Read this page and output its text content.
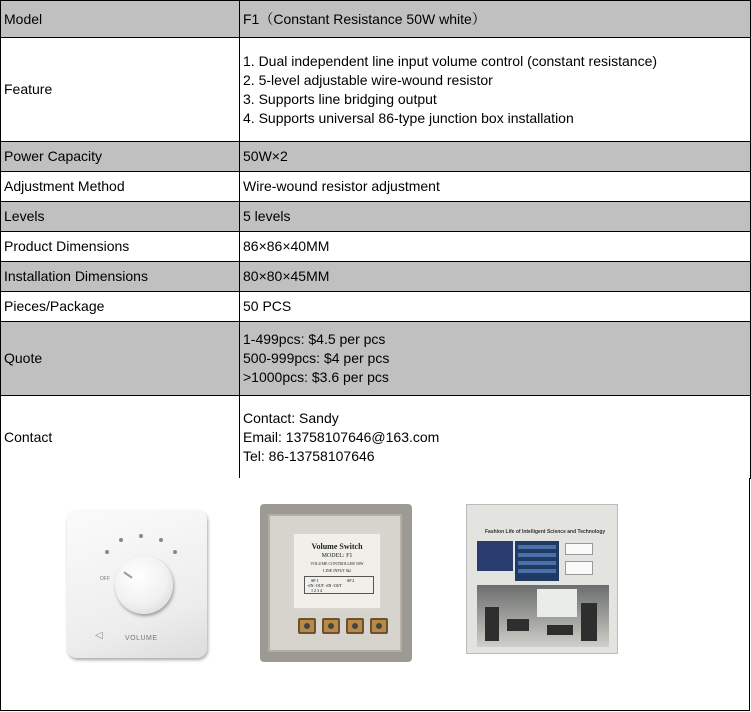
Model	F1（Constant Resistance 50W white）
Feature	1. Dual independent line input volume control (constant resistance)
2. 5-level adjustable wire-wound resistor
3. Supports line bridging output
4. Supports universal 86-type junction box installation

Power Capacity	50W×2
Adjustment Method	Wire-wound resistor adjustment
Levels	5 levels
Product Dimensions	86×86×40MM
Installation Dimensions	80×80×45MM
Pieces/Package	50 PCS
Quote	1-499pcs: $4.5 per pcs
500-999pcs: $4 per pcs
>1000pcs: $3.6 per pcs

Contact	Contact: Sandy
Email: 13758107646@163.com
Tel: 86-13758107646
OFF
◁	VOLUME
Volume Switch
MODEL: F1
VOLUME CONTROLLER 50W
LINE INPUT 8Ω
SP 1	SP 2
+IN -OUT +IN -OUT
1 2 3 4
Fashion Life of Intelligent Science and Technology
